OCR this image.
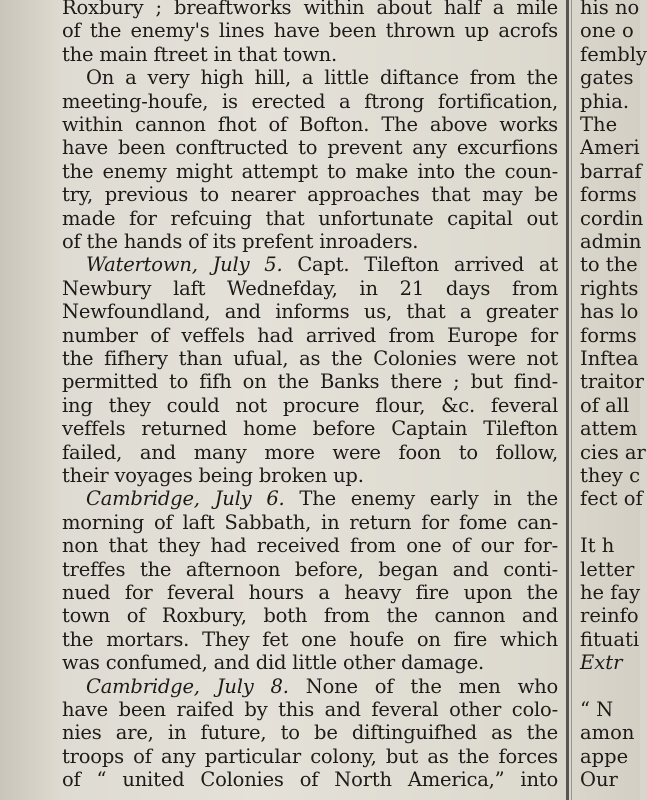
Roxbury ; breaftworks within about half a mile
of the enemy's lines have been thrown up acrofs
the main ftreet in that town.
On a very high hill, a little diftance from the
meeting-houfe, is erected a ftrong fortification,
within cannon fhot of Bofton. The above works
have been conftructed to prevent any excurfions
the enemy might attempt to make into the coun-
try, previous to nearer approaches that may be
made for refcuing that unfortunate capital out
of the hands of its prefent inroaders.
Watertown, July 5. Capt. Tilefton arrived at
Newbury laft Wednefday, in 21 days from
Newfoundland, and informs us, that a greater
number of veffels had arrived from Europe for
the fifhery than ufual, as the Colonies were not
permitted to fifh on the Banks there ; but find-
ing they could not procure flour, &c. feveral
veffels returned home before Captain Tilefton
failed, and many more were foon to follow,
their voyages being broken up.
Cambridge, July 6. The enemy early in the
morning of laft Sabbath, in return for fome can-
non that they had received from one of our for-
treffes the afternoon before, began and conti-
nued for feveral hours a heavy fire upon the
town of Roxbury, both from the cannon and
the mortars. They fet one houfe on fire which
was confumed, and did little other damage.
Cambridge, July 8. None of the men who
have been raifed by this and feveral other colo-
nies are, in future, to be diftinguifhed as the
troops of any particular colony, but as the forces
of “ united Colonies of North America,” into
his no
one o
fembly
gates
phia.
The
Ameri
barraf
forms
cordin
admin
to the
rights
has lo
forms
Inftea
traitor
of all
attem
cies ar
they c
fect of
It h
letter
he fay
reinfo
fituati
Extr
“ N
amon
appe
Our
